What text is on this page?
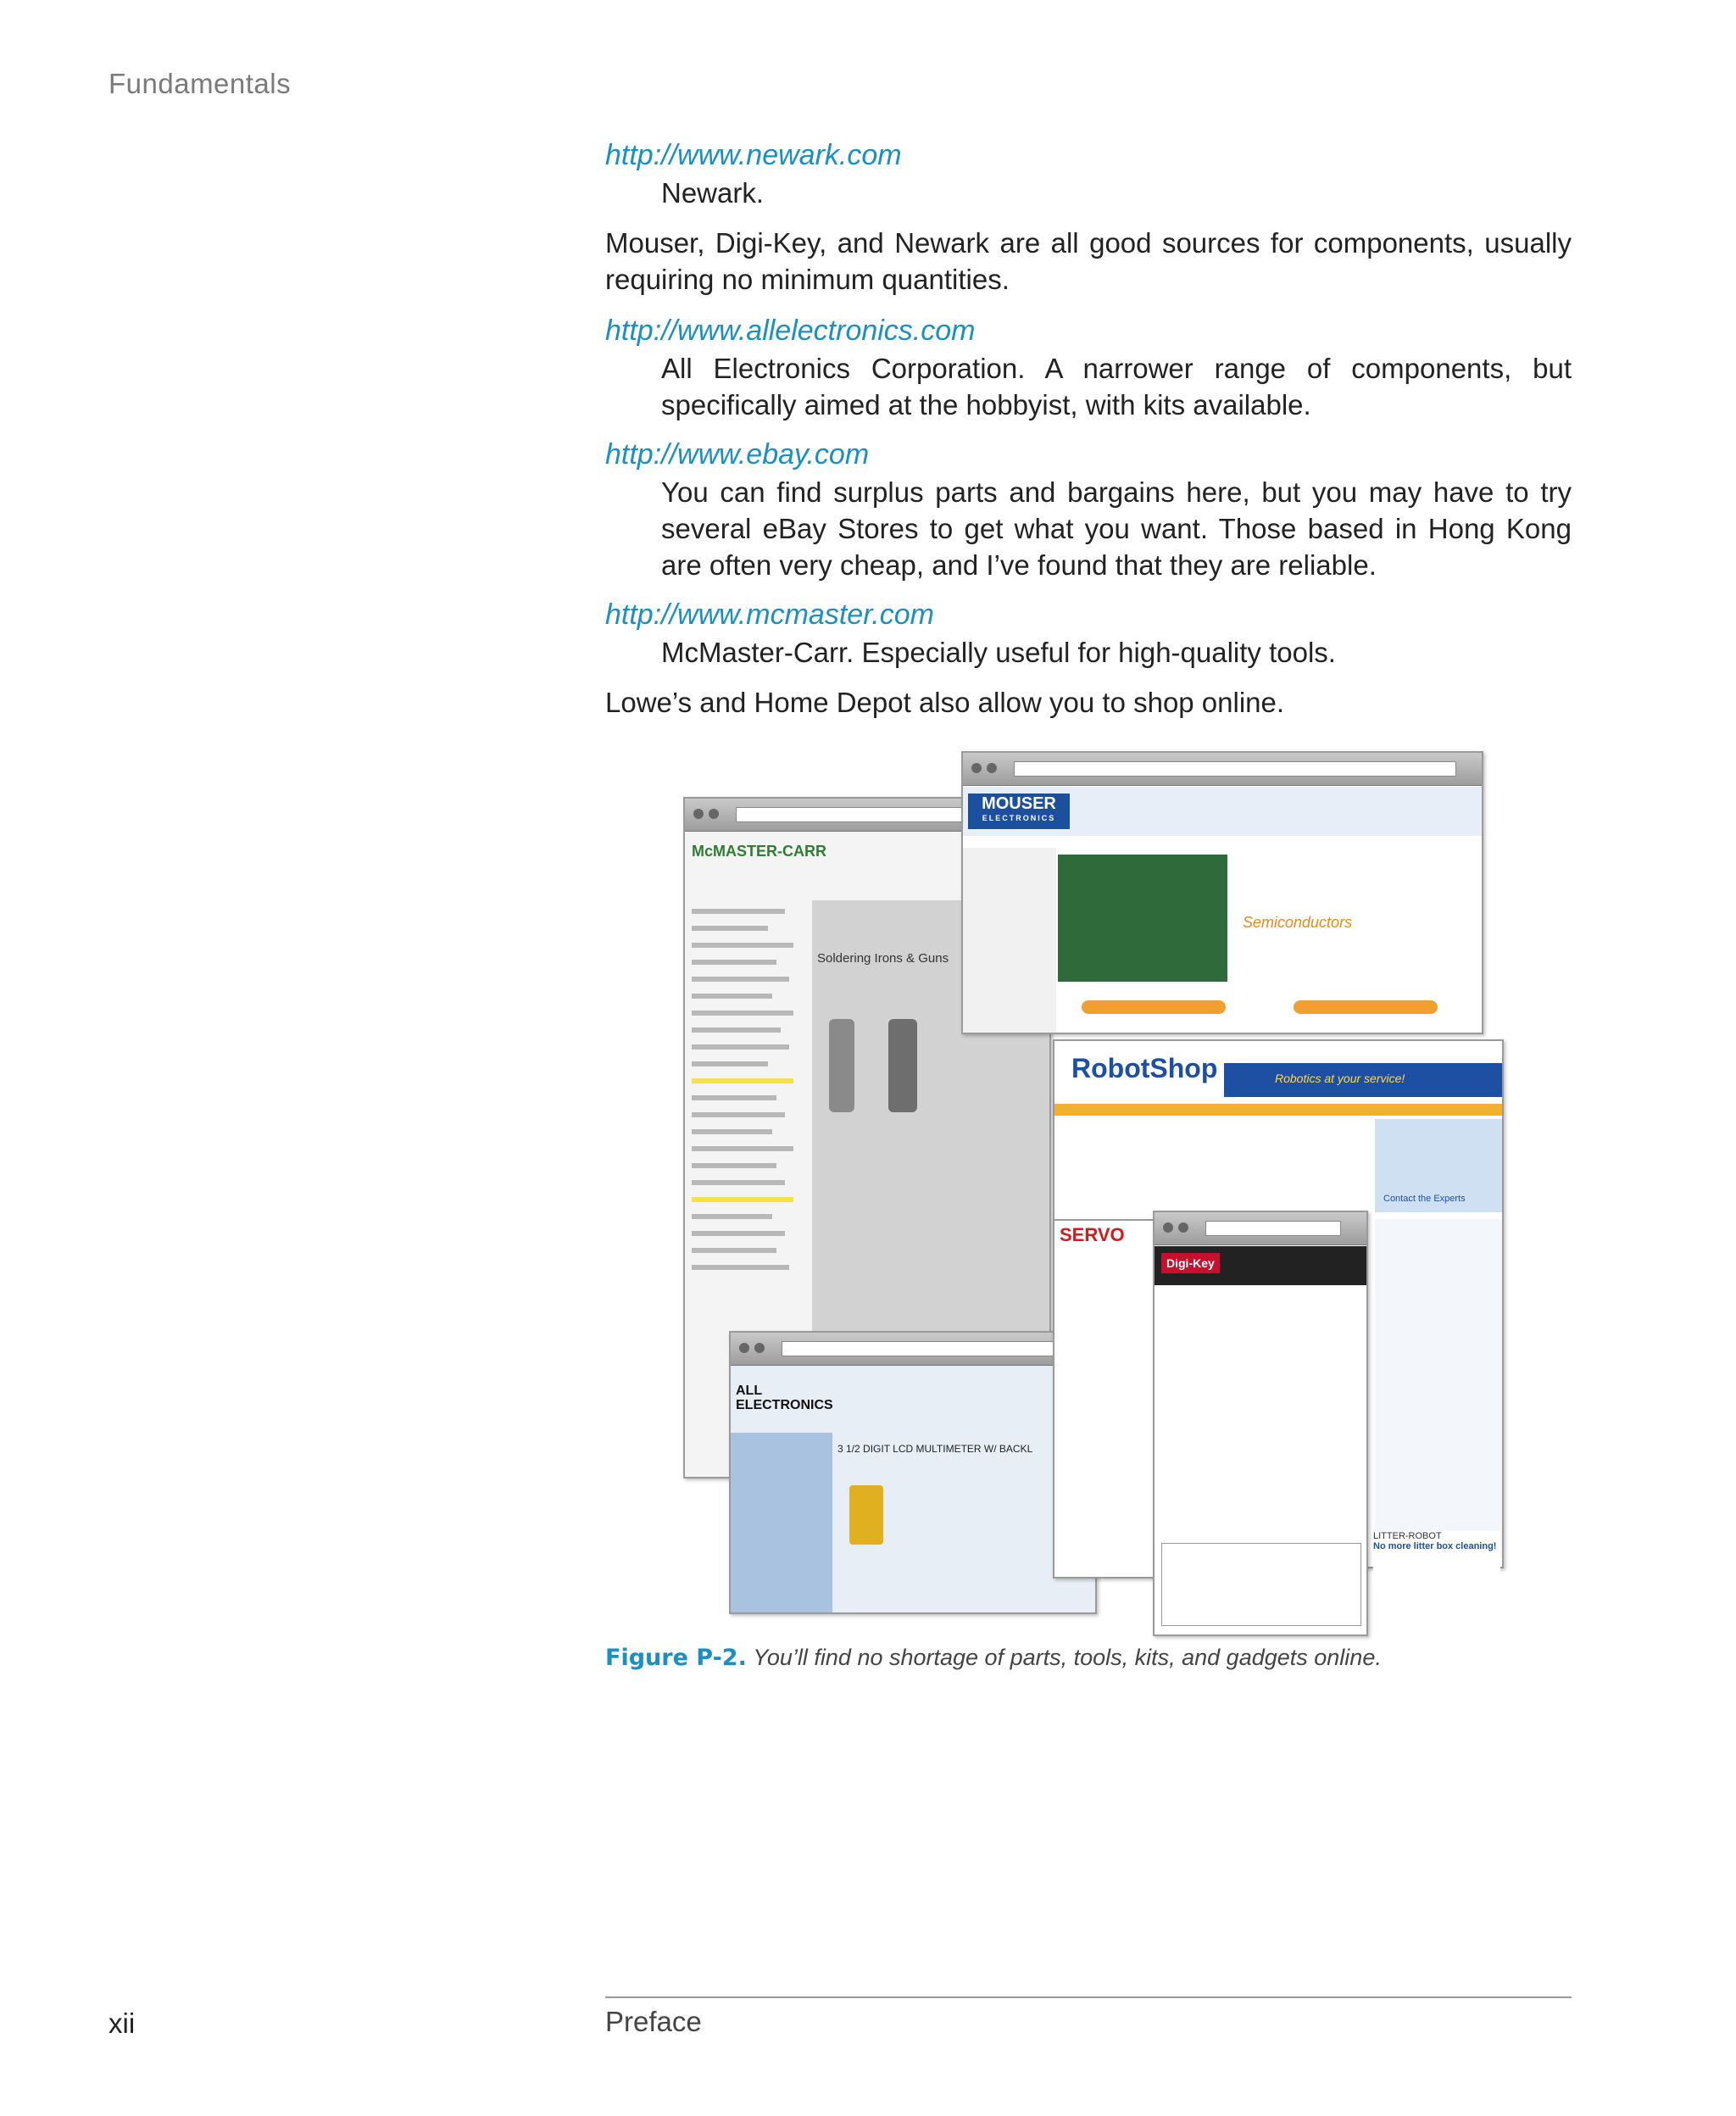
Fundamentals
http://www.newark.com

Newark.

Mouser, Digi-Key, and Newark are all good sources for components, usually requiring no minimum quantities.

http://www.allelectronics.com

All Electronics Corporation. A narrower range of components, but specifically aimed at the hobbyist, with kits available.

http://www.ebay.com

You can find surplus parts and bargains here, but you may have to try several eBay Stores to get what you want. Those based in Hong Kong are often very cheap, and I’ve found that they are reliable.

http://www.mcmaster.com

McMaster-Carr. Especially useful for high-quality tools.

Lowe’s and Home Depot also allow you to shop online.

McMASTER-CARR
Soldering Irons & Guns
MOUSER
ELECTRONICS
Semiconductors
RobotShop	Robotics at your service!
Contact the Experts
ALL ELECTRONICS
3 1/2 DIGIT LCD MULTIMETER W/ BACKL
SERVO
Digi-Key
LITTER-ROBOT
No more litter box cleaning!
Figure P-2. You’ll find no shortage of parts, tools, kits, and gadgets online.
xii	Preface
